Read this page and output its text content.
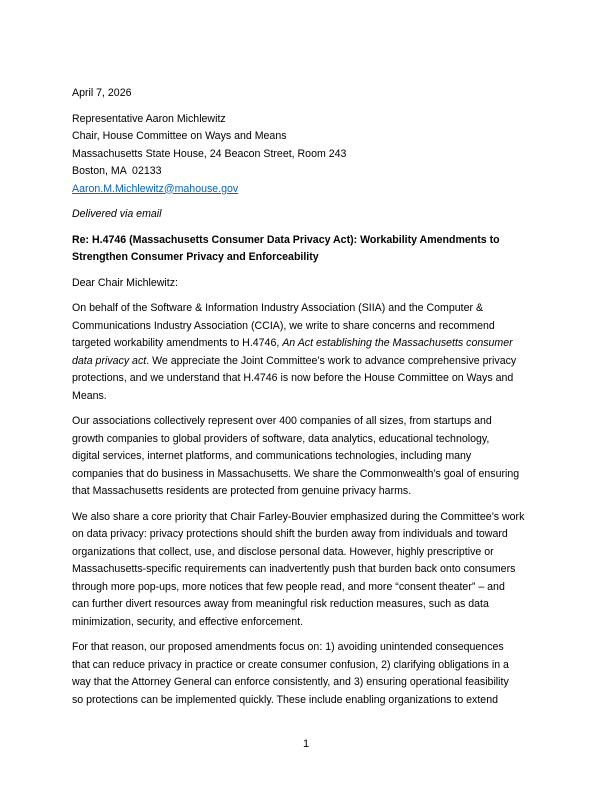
April 7, 2026
Representative Aaron Michlewitz
Chair, House Committee on Ways and Means
Massachusetts State House, 24 Beacon Street, Room 243
Boston, MA  02133
Aaron.M.Michlewitz@mahouse.gov
Delivered via email
Re: H.4746 (Massachusetts Consumer Data Privacy Act): Workability Amendments to
Strengthen Consumer Privacy and Enforceability
Dear Chair Michlewitz:
On behalf of the Software & Information Industry Association (SIIA) and the Computer &
Communications Industry Association (CCIA), we write to share concerns and recommend
targeted workability amendments to H.4746, An Act establishing the Massachusetts consumer
data privacy act. We appreciate the Joint Committee’s work to advance comprehensive privacy
protections, and we understand that H.4746 is now before the House Committee on Ways and
Means.
Our associations collectively represent over 400 companies of all sizes, from startups and
growth companies to global providers of software, data analytics, educational technology,
digital services, internet platforms, and communications technologies, including many
companies that do business in Massachusetts. We share the Commonwealth’s goal of ensuring
that Massachusetts residents are protected from genuine privacy harms.
We also share a core priority that Chair Farley-Bouvier emphasized during the Committee’s work
on data privacy: privacy protections should shift the burden away from individuals and toward
organizations that collect, use, and disclose personal data. However, highly prescriptive or
Massachusetts-specific requirements can inadvertently push that burden back onto consumers
through more pop-ups, more notices that few people read, and more “consent theater” – and
can further divert resources away from meaningful risk reduction measures, such as data
minimization, security, and effective enforcement.
For that reason, our proposed amendments focus on: 1) avoiding unintended consequences
that can reduce privacy in practice or create consumer confusion, 2) clarifying obligations in a
way that the Attorney General can enforce consistently, and 3) ensuring operational feasibility
so protections can be implemented quickly. These include enabling organizations to extend
1
